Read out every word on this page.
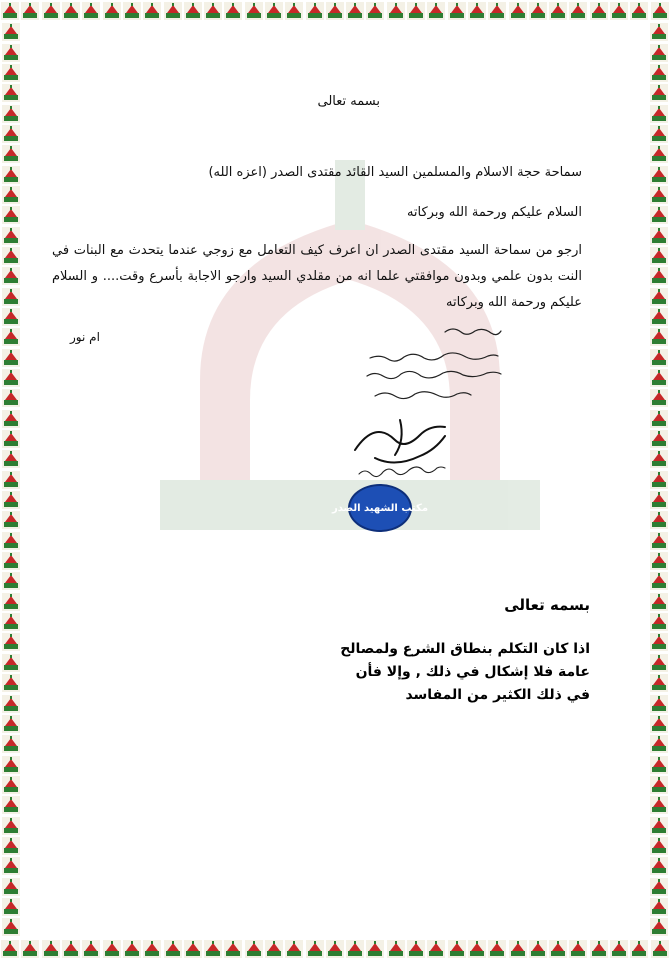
بسمه تعالى
سماحة حجة الاسلام والمسلمين السيد القائد مقتدى الصدر (اعزه الله)
السلام عليكم ورحمة الله وبركاته
ارجو من سماحة السيد مقتدى الصدر ان اعرف كيف التعامل مع زوجي عندما يتحدث مع البنات في النت بدون علمي وبدون موافقتي علما انه من مقلدي السيد وارجو الاجابة بأسرع وقت.... و السلام عليكم ورحمة الله وبركاته
ام نور
مكتب الشهيد الصدر
بسمه تعالى
اذا كان التكلم بنطاق الشرع ولمصالح
عامة فلا إشكال في ذلك , وإلا فأن
في ذلك الكثير من المفاسد
